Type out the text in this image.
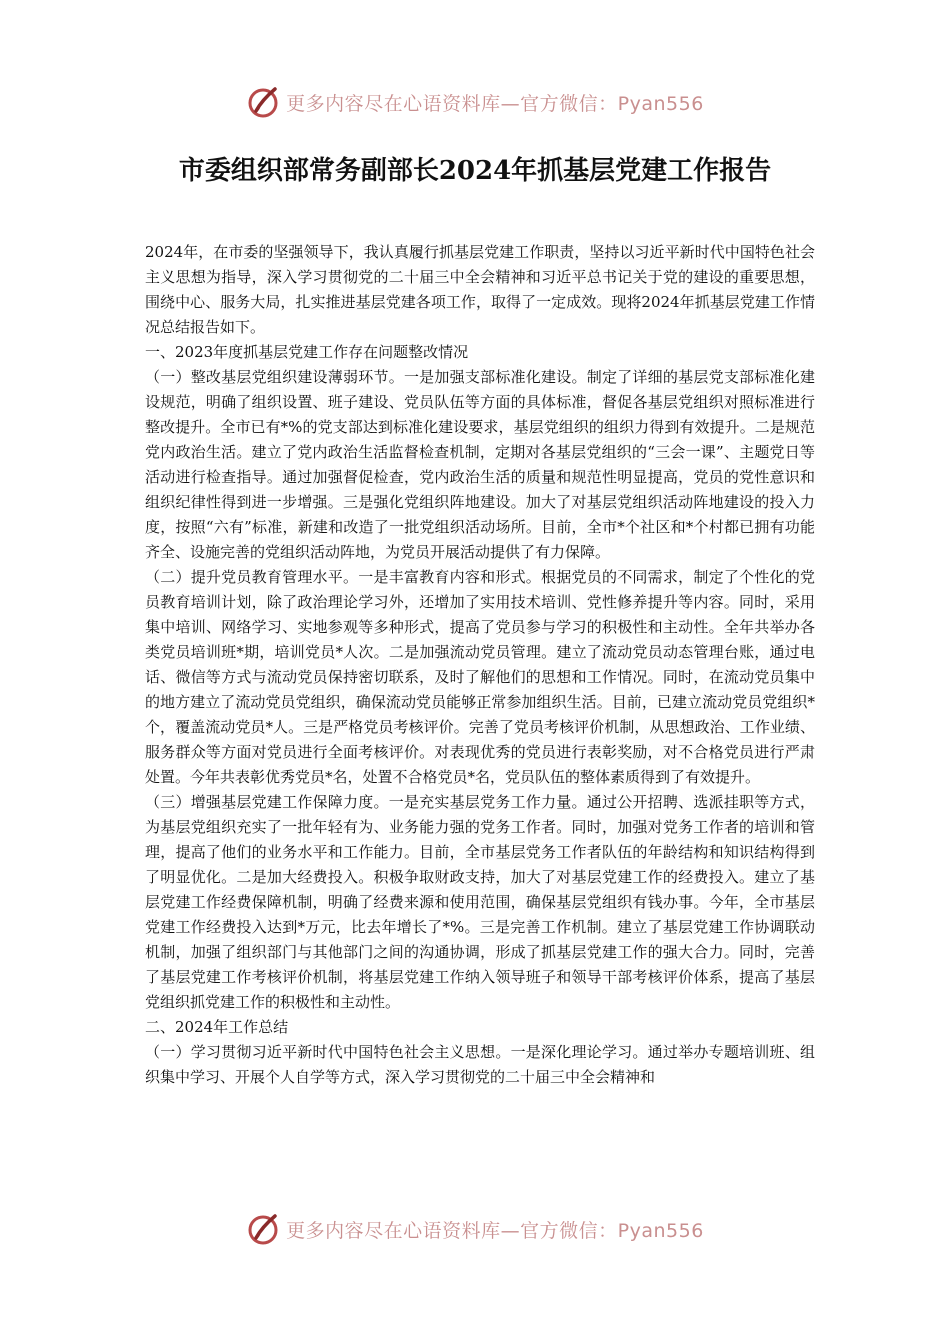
更多内容尽在心语资料库—官方微信：Pyan556
市委组织部常务副部长2024年抓基层党建工作报告

2024年，在市委的坚强领导下，我认真履行抓基层党建工作职责，坚持以习近平新时代中国特色社会主义思想为指导，深入学习贯彻党的二十届三中全会精神和习近平总书记关于党的建设的重要思想，围绕中心、服务大局，扎实推进基层党建各项工作，取得了一定成效。现将2024年抓基层党建工作情况总结报告如下。

一、2023年度抓基层党建工作存在问题整改情况

（一）整改基层党组织建设薄弱环节。一是加强支部标准化建设。制定了详细的基层党支部标准化建设规范，明确了组织设置、班子建设、党员队伍等方面的具体标准，督促各基层党组织对照标准进行整改提升。全市已有*%的党支部达到标准化建设要求，基层党组织的组织力得到有效提升。二是规范党内政治生活。建立了党内政治生活监督检查机制，定期对各基层党组织的“三会一课”、主题党日等活动进行检查指导。通过加强督促检查，党内政治生活的质量和规范性明显提高，党员的党性意识和组织纪律性得到进一步增强。三是强化党组织阵地建设。加大了对基层党组织活动阵地建设的投入力度，按照“六有”标准，新建和改造了一批党组织活动场所。目前，全市*个社区和*个村都已拥有功能齐全、设施完善的党组织活动阵地，为党员开展活动提供了有力保障。

（二）提升党员教育管理水平。一是丰富教育内容和形式。根据党员的不同需求，制定了个性化的党员教育培训计划，除了政治理论学习外，还增加了实用技术培训、党性修养提升等内容。同时，采用集中培训、网络学习、实地参观等多种形式，提高了党员参与学习的积极性和主动性。全年共举办各类党员培训班*期，培训党员*人次。二是加强流动党员管理。建立了流动党员动态管理台账，通过电话、微信等方式与流动党员保持密切联系，及时了解他们的思想和工作情况。同时，在流动党员集中的地方建立了流动党员党组织，确保流动党员能够正常参加组织生活。目前，已建立流动党员党组织*个，覆盖流动党员*人。三是严格党员考核评价。完善了党员考核评价机制，从思想政治、工作业绩、服务群众等方面对党员进行全面考核评价。对表现优秀的党员进行表彰奖励，对不合格党员进行严肃处置。今年共表彰优秀党员*名，处置不合格党员*名，党员队伍的整体素质得到了有效提升。

（三）增强基层党建工作保障力度。一是充实基层党务工作力量。通过公开招聘、选派挂职等方式，为基层党组织充实了一批年轻有为、业务能力强的党务工作者。同时，加强对党务工作者的培训和管理，提高了他们的业务水平和工作能力。目前，全市基层党务工作者队伍的年龄结构和知识结构得到了明显优化。二是加大经费投入。积极争取财政支持，加大了对基层党建工作的经费投入。建立了基层党建工作经费保障机制，明确了经费来源和使用范围，确保基层党组织有钱办事。今年，全市基层党建工作经费投入达到*万元，比去年增长了*%。三是完善工作机制。建立了基层党建工作协调联动机制，加强了组织部门与其他部门之间的沟通协调，形成了抓基层党建工作的强大合力。同时，完善了基层党建工作考核评价机制，将基层党建工作纳入领导班子和领导干部考核评价体系，提高了基层党组织抓党建工作的积极性和主动性。

二、2024年工作总结

（一）学习贯彻习近平新时代中国特色社会主义思想。一是深化理论学习。通过举办专题培训班、组织集中学习、开展个人自学等方式，深入学习贯彻党的二十届三中全会精神和

更多内容尽在心语资料库—官方微信：Pyan556
